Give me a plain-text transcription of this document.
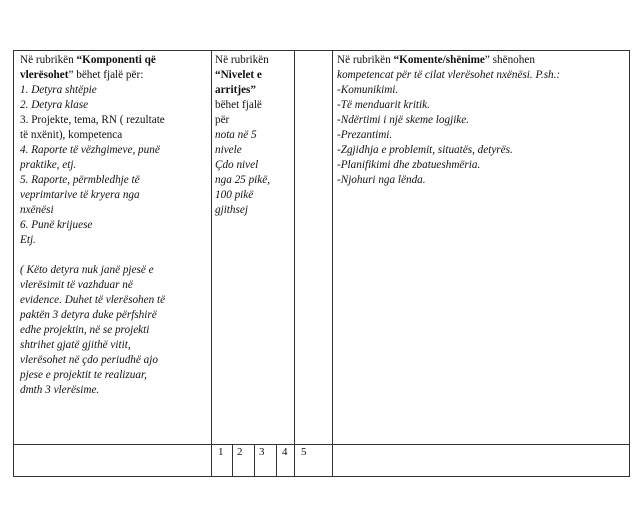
Në rubrikën “Komponenti që
vlerësohet” bëhet fjalë për:
1. Detyra shtëpie
2. Detyra klase
3. Projekte, tema, RN ( rezultate
të nxënit), kompetenca
4. Raporte të vëzhgimeve, punë
praktike, etj.
5. Raporte, përmbledhje të
veprimtarive të kryera nga
nxënësi
6. Punë krijuese
Etj.
( Këto detyra nuk janë pjesë e
vlerësimit të vazhduar në
evidence. Duhet të vlerësohen të
paktën 3 detyra duke përfshirë
edhe projektin, në se projekti
shtrihet gjatë gjithë vitit,
vlerësohet në çdo periudhë ajo
pjese e projektit te realizuar,
dmth 3 vlerësime.
Në rubrikën
“Nivelet e
arritjes”
bëhet fjalë
për
nota në 5
nivele
Çdo nivel
nga 25 pikë,
100 pikë
gjithsej
Në rubrikën “Komente/shënime” shënohen
kompetencat për të cilat vlerësohet nxënësi. P.sh.:
-Komunikimi.
-Të menduarit kritik.
-Ndërtimi i një skeme logjike.
-Prezantimi.
-Zgjidhja e problemit, situatës, detyrës.
-Planifikimi dhe zbatueshmëria.
-Njohuri nga lënda.
1 2 3 4 5
